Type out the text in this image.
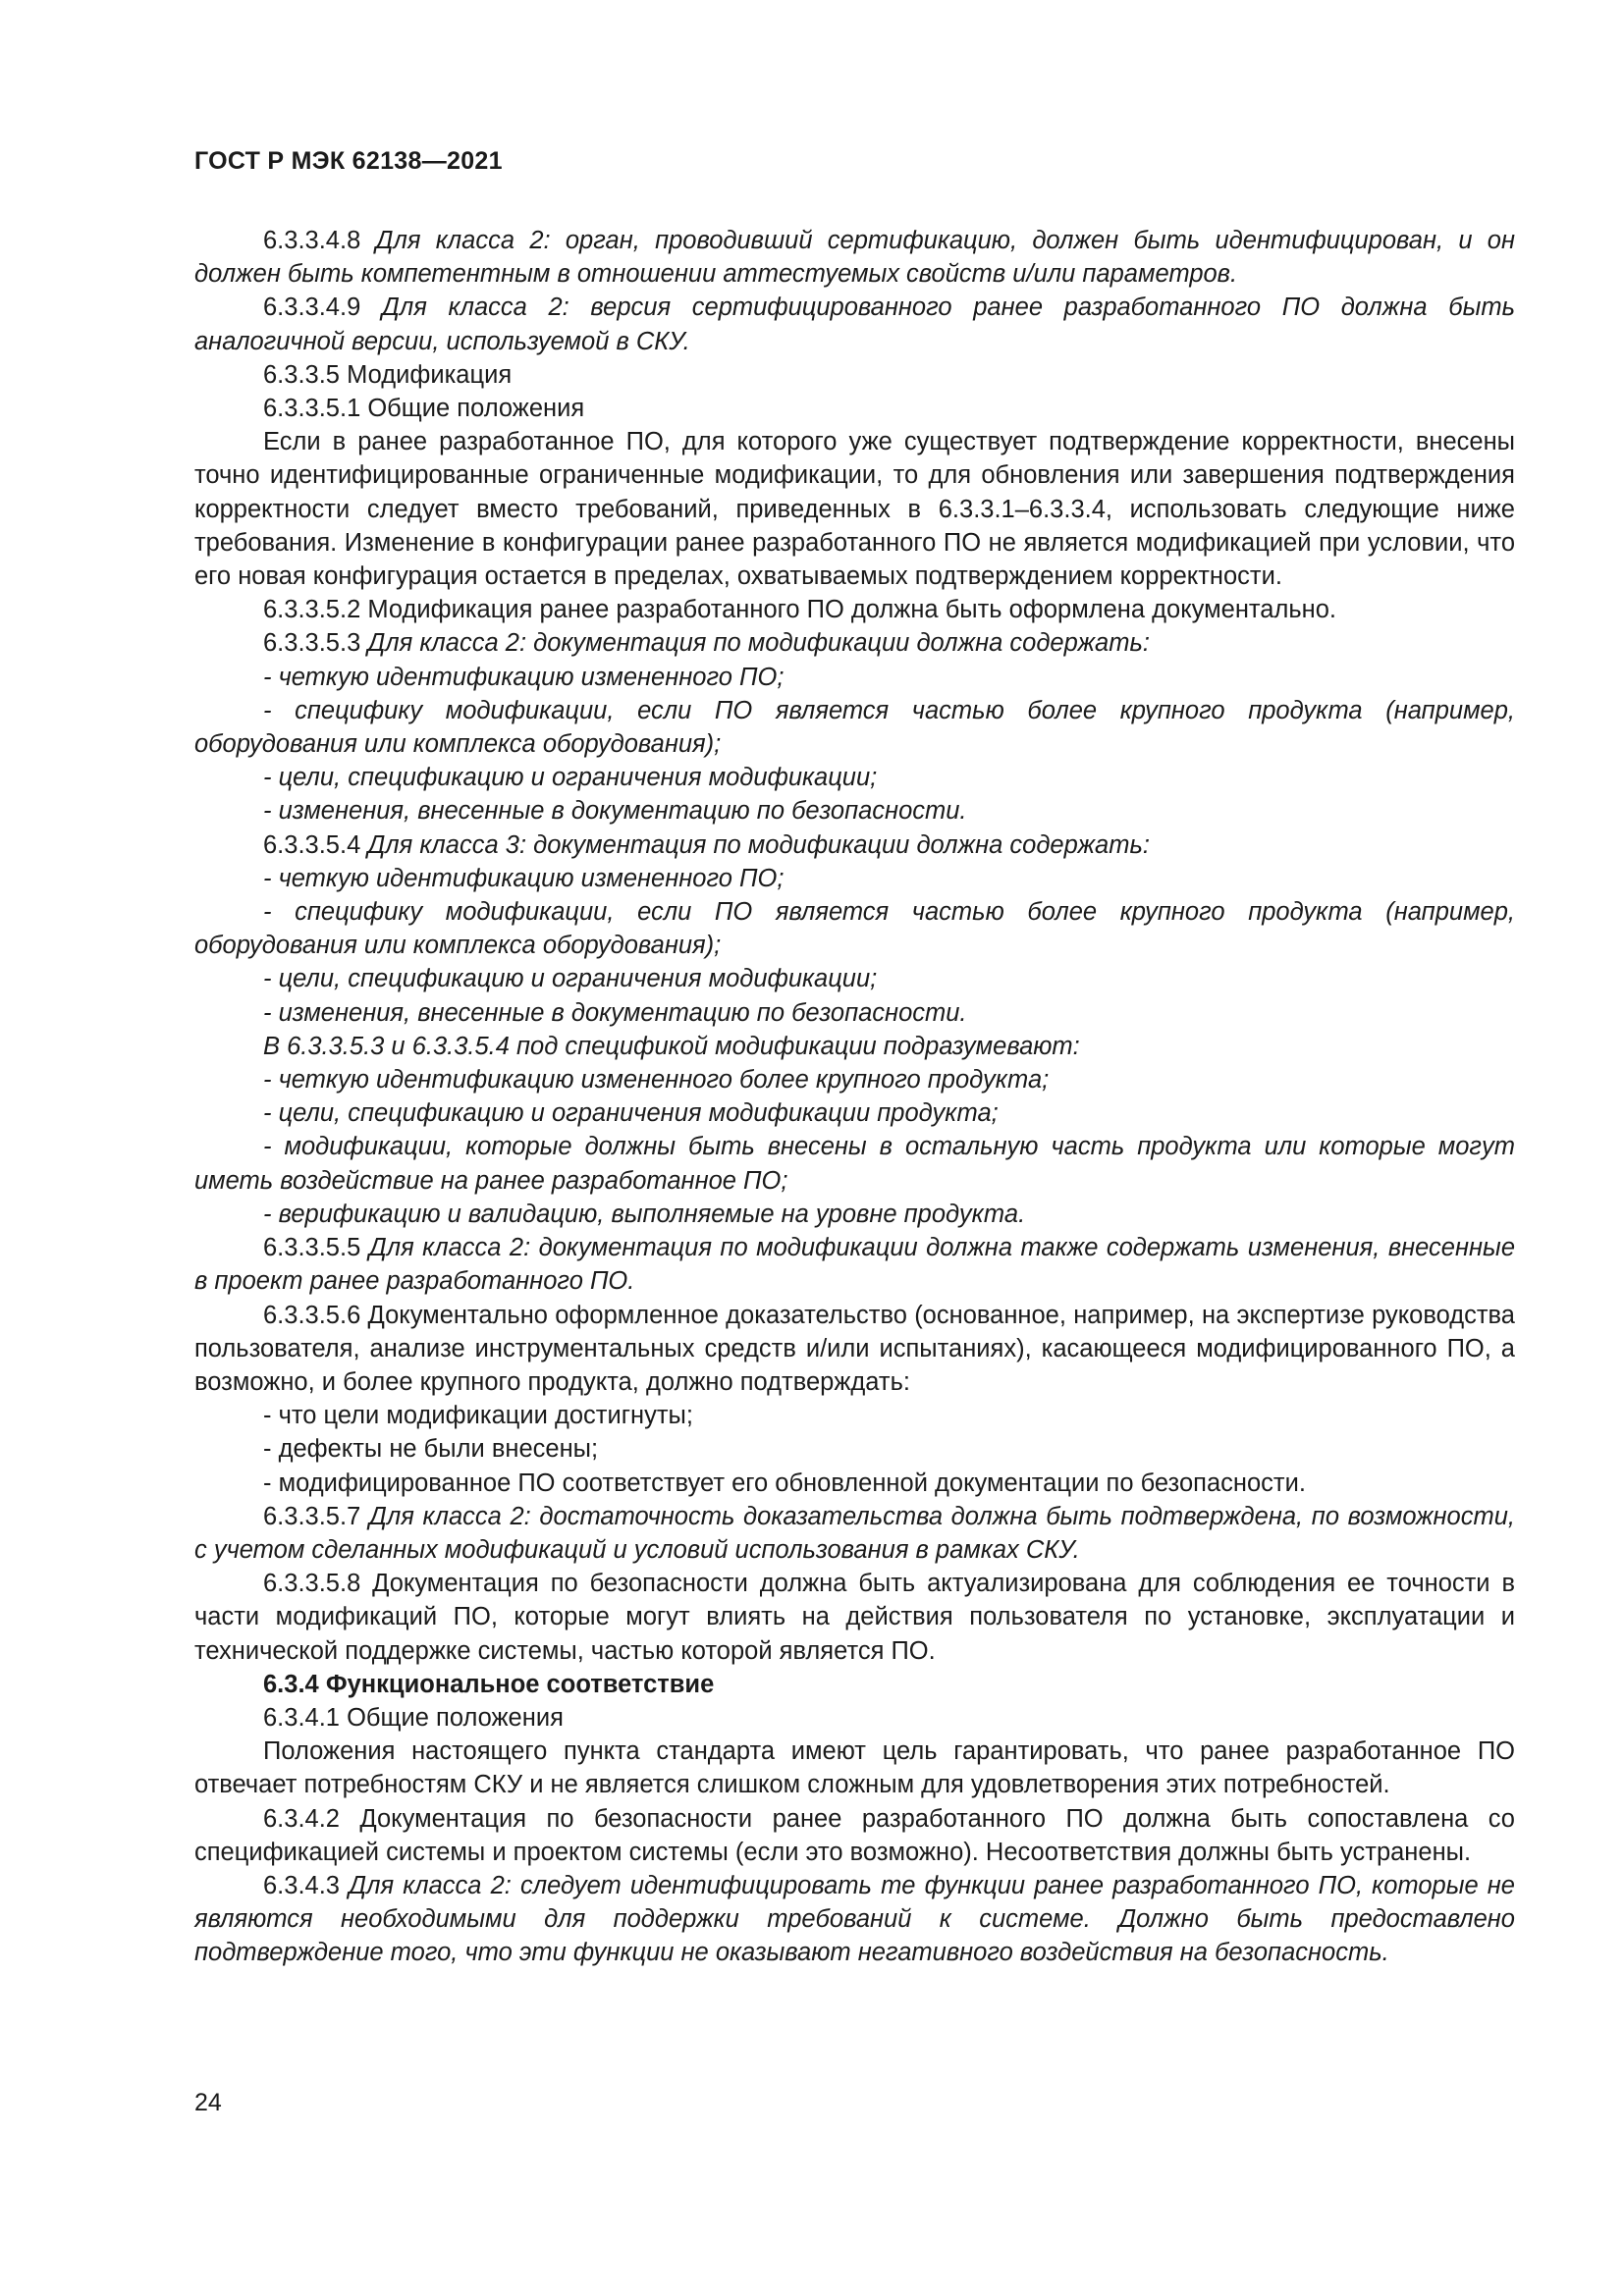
ГОСТ Р МЭК 62138—2021

6.3.3.4.8 Для класса 2: орган, проводивший сертификацию, должен быть идентифицирован, и он должен быть компетентным в отношении аттестуемых свойств и/или параметров.

6.3.3.4.9 Для класса 2: версия сертифицированного ранее разработанного ПО должна быть аналогичной версии, используемой в СКУ.

6.3.3.5 Модификация

6.3.3.5.1 Общие положения

Если в ранее разработанное ПО, для которого уже существует подтверждение корректности, внесены точно идентифицированные ограниченные модификации, то для обновления или завершения подтверждения корректности следует вместо требований, приведенных в 6.3.3.1–6.3.3.4, использовать следующие ниже требования. Изменение в конфигурации ранее разработанного ПО не является модификацией при условии, что его новая конфигурация остается в пределах, охватываемых подтверждением корректности.

6.3.3.5.2 Модификация ранее разработанного ПО должна быть оформлена документально.

6.3.3.5.3 Для класса 2: документация по модификации должна содержать:

- четкую идентификацию измененного ПО;

- специфику модификации, если ПО является частью более крупного продукта (например, оборудования или комплекса оборудования);

- цели, спецификацию и ограничения модификации;

- изменения, внесенные в документацию по безопасности.

6.3.3.5.4 Для класса 3: документация по модификации должна содержать:

- четкую идентификацию измененного ПО;

- специфику модификации, если ПО является частью более крупного продукта (например, оборудования или комплекса оборудования);

- цели, спецификацию и ограничения модификации;

- изменения, внесенные в документацию по безопасности.

В 6.3.3.5.3 и 6.3.3.5.4 под спецификой модификации подразумевают:

- четкую идентификацию измененного более крупного продукта;

- цели, спецификацию и ограничения модификации продукта;

- модификации, которые должны быть внесены в остальную часть продукта или которые могут иметь воздействие на ранее разработанное ПО;

- верификацию и валидацию, выполняемые на уровне продукта.

6.3.3.5.5 Для класса 2: документация по модификации должна также содержать изменения, внесенные в проект ранее разработанного ПО.

6.3.3.5.6 Документально оформленное доказательство (основанное, например, на экспертизе руководства пользователя, анализе инструментальных средств и/или испытаниях), касающееся модифицированного ПО, а возможно, и более крупного продукта, должно подтверждать:

- что цели модификации достигнуты;

- дефекты не были внесены;

- модифицированное ПО соответствует его обновленной документации по безопасности.

6.3.3.5.7 Для класса 2: достаточность доказательства должна быть подтверждена, по возможности, с учетом сделанных модификаций и условий использования в рамках СКУ.

6.3.3.5.8 Документация по безопасности должна быть актуализирована для соблюдения ее точности в части модификаций ПО, которые могут влиять на действия пользователя по установке, эксплуатации и технической поддержке системы, частью которой является ПО.

6.3.4 Функциональное соответствие

6.3.4.1 Общие положения

Положения настоящего пункта стандарта имеют цель гарантировать, что ранее разработанное ПО отвечает потребностям СКУ и не является слишком сложным для удовлетворения этих потребностей.

6.3.4.2 Документация по безопасности ранее разработанного ПО должна быть сопоставлена со спецификацией системы и проектом системы (если это возможно). Несоответствия должны быть устранены.

6.3.4.3 Для класса 2: следует идентифицировать те функции ранее разработанного ПО, которые не являются необходимыми для поддержки требований к системе. Должно быть предоставлено подтверждение того, что эти функции не оказывают негативного воздействия на безопасность.

24
